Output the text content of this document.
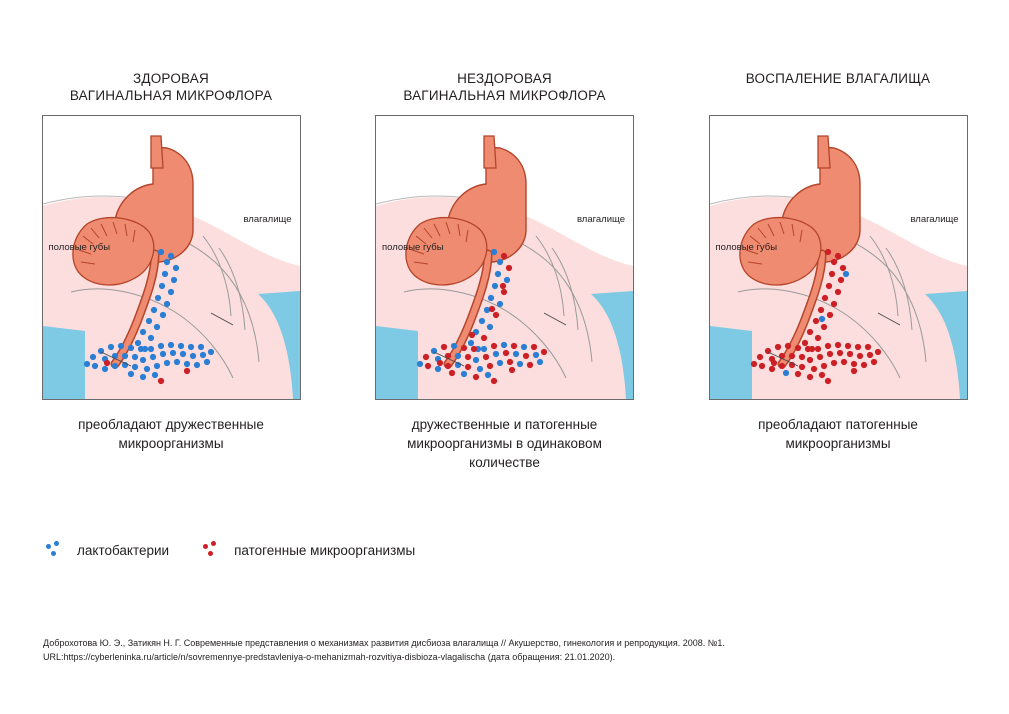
ЗДОРОВАЯ
ВАГИНАЛЬНАЯ МИКРОФЛОРА
влагалище
половые губы
преобладают дружественные микроорганизмы
НЕЗДОРОВАЯ
ВАГИНАЛЬНАЯ МИКРОФЛОРА
влагалище
половые губы
дружественные и патогенные микроорганизмы в одинаковом количестве
ВОСПАЛЕНИЕ ВЛАГАЛИЩА
влагалище
половые губы
преобладают патогенные микроорганизмы
лактобактерии	патогенные микроорганизмы
Доброхотова Ю. Э., Затикян Н. Г. Современные представления о механизмах развития дисбиоза влагалища // Акушерство, гинекология и репродукция. 2008. №1.
URL:https://cyberleninka.ru/article/n/sovremennye-predstavleniya-o-mehanizmah-rozvitiya-disbioza-vlagalischa (дата обращения: 21.01.2020).
